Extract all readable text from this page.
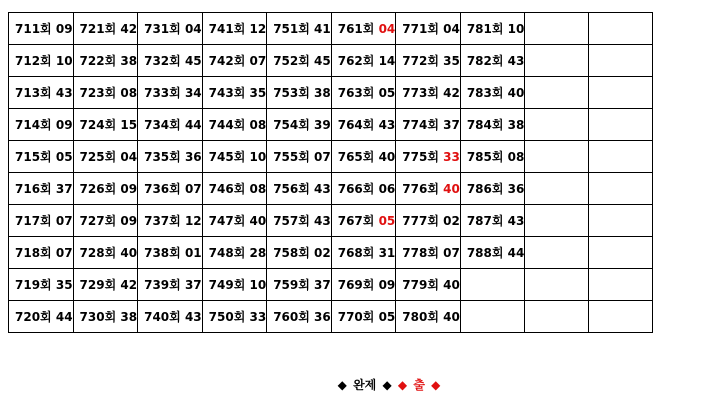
711회 09	721회 42	731회 04	741회 12	751회 41	761회 04	771회 04	781회 10		
712회 10	722회 38	732회 45	742회 07	752회 45	762회 14	772회 35	782회 43		
713회 43	723회 08	733회 34	743회 35	753회 38	763회 05	773회 42	783회 40		
714회 09	724회 15	734회 44	744회 08	754회 39	764회 43	774회 37	784회 38		
715회 05	725회 04	735회 36	745회 10	755회 07	765회 40	775회 33	785회 08		
716회 37	726회 09	736회 07	746회 08	756회 43	766회 06	776회 40	786회 36		
717회 07	727회 09	737회 12	747회 40	757회 43	767회 05	777회 02	787회 43		
718회 07	728회 40	738회 01	748회 28	758회 02	768회 31	778회 07	788회 44		
719회 35	729회 42	739회 37	749회 10	759회 37	769회 09	779회 40			
720회 44	730회 38	740회 43	750회 33	760회 36	770회 05	780회 40			
◆ 완제 ◆ ◆ 출 ◆
